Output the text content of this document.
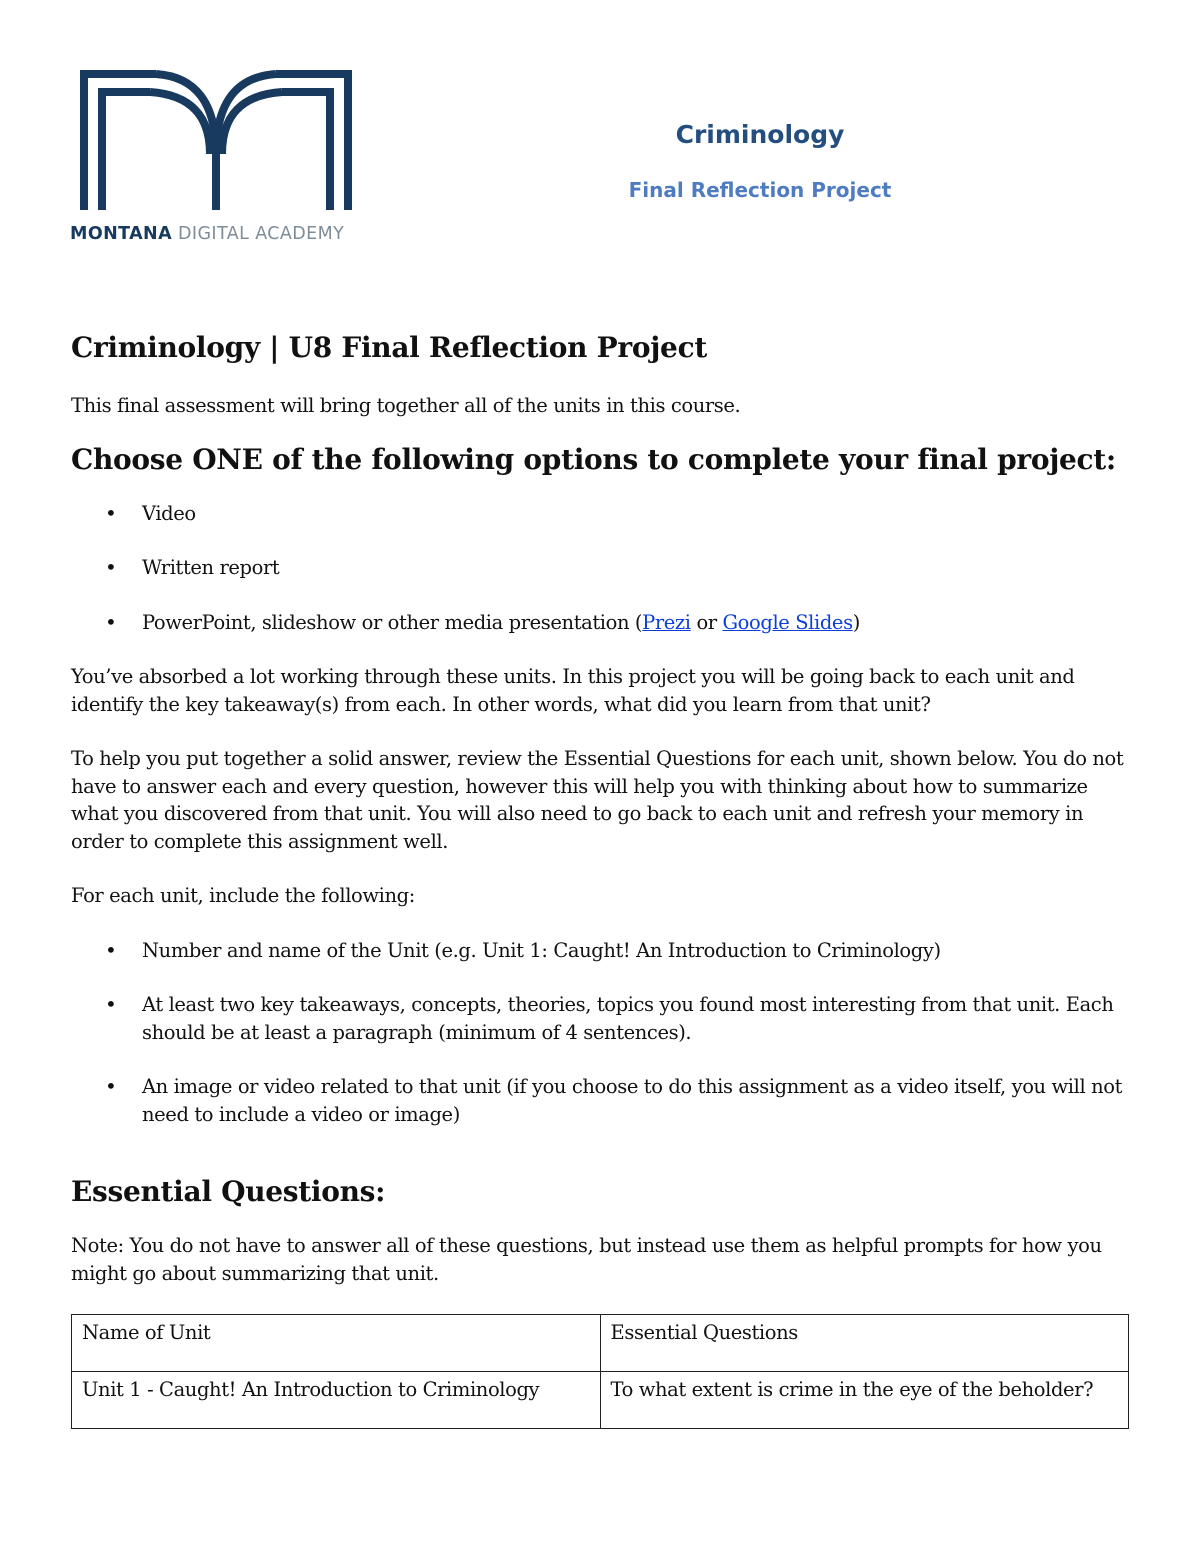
MONTANA DIGITAL ACADEMY
Criminology
Final Reflection Project
Criminology | U8 Final Reflection Project

This final assessment will bring together all of the units in this course.

Choose ONE of the following options to complete your final project:
• Video
• Written report
• PowerPoint, slideshow or other media presentation (Prezi or Google Slides)

You’ve absorbed a lot working through these units. In this project you will be going back to each unit and identify the key takeaway(s) from each. In other words, what did you learn from that unit?

To help you put together a solid answer, review the Essential Questions for each unit, shown below. You do not have to answer each and every question, however this will help you with thinking about how to summarize what you discovered from that unit. You will also need to go back to each unit and refresh your memory in order to complete this assignment well.

For each unit, include the following:

• Number and name of the Unit (e.g. Unit 1: Caught! An Introduction to Criminology)
• At least two key takeaways, concepts, theories, topics you found most interesting from that unit. Each should be at least a paragraph (minimum of 4 sentences).
• An image or video related to that unit (if you choose to do this assignment as a video itself, you will not need to include a video or image)
Essential Questions:

Note: You do not have to answer all of these questions, but instead use them as helpful prompts for how you might go about summarizing that unit.

Name of Unit	Essential Questions
Unit 1 - Caught! An Introduction to Criminology	To what extent is crime in the eye of the beholder?
